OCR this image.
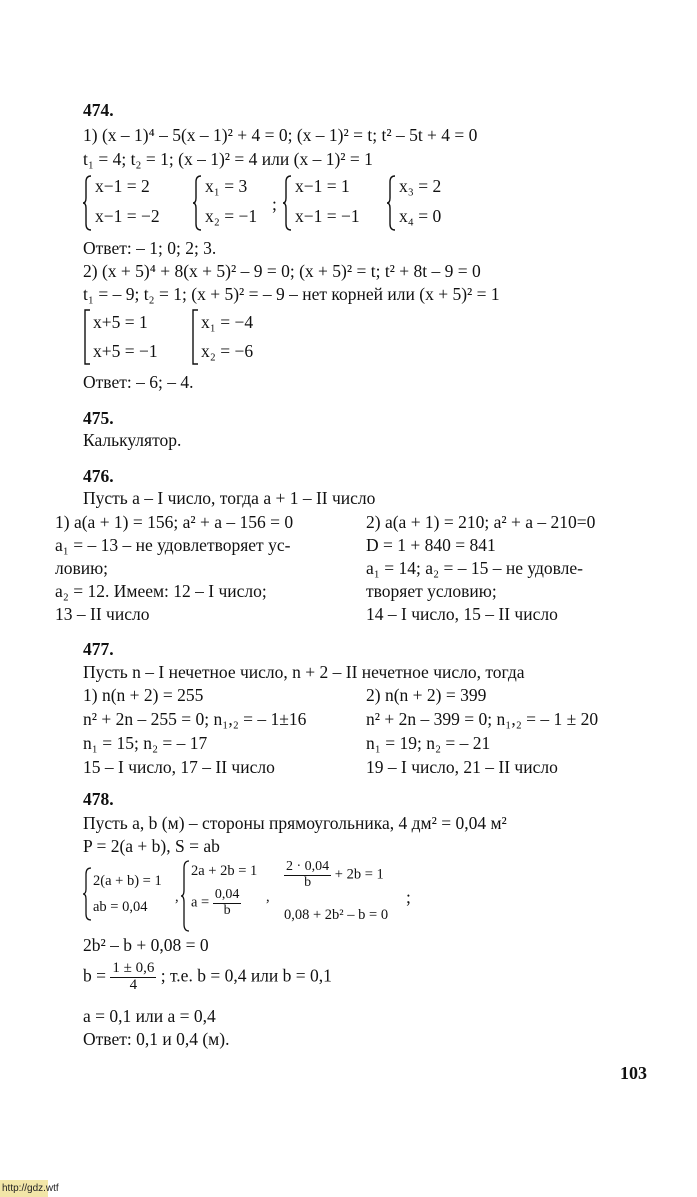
474.
1) (x – 1)⁴ – 5(x – 1)² + 4 = 0; (x – 1)² = t; t² – 5t + 4 = 0
t₁ = 4; t₂ = 1; (x – 1)² = 4 или (x – 1)² = 1
x−1 = 2
x−1 = −2
x₁ = 3
x₂ = −1
;
x−1 = 1
x−1 = −1
x₃ = 2
x₄ = 0
Ответ: – 1; 0; 2; 3.
2) (x + 5)⁴ + 8(x + 5)² – 9 = 0; (x + 5)² = t; t² + 8t – 9 = 0
t₁ = – 9; t₂ = 1; (x + 5)² = – 9 – нет корней или (x + 5)² = 1
x+5 = 1
x+5 = −1
x₁ = −4
x₂ = −6
Ответ: – 6; – 4.
475.
Калькулятор.
476.
Пусть a – I число, тогда a + 1 – II число
1) a(a + 1) = 156; a² + a – 156 = 0
a₁ = – 13 – не удовлетворяет ус-
ловию;
a₂ = 12. Имеем: 12 – I число;
13 – II число
2) a(a + 1) = 210; a² + a – 210=0
D = 1 + 840 = 841
a₁ = 14; a₂ = – 15 – не удовле-
творяет условию;
14 – I число, 15 – II число
477.
Пусть n – I нечетное число, n + 2 – II нечетное число, тогда
1) n(n + 2) = 255
n² + 2n – 255 = 0; n₁,₂ = – 1±16
n₁ = 15; n₂ = – 17
15 – I число, 17 – II число
2) n(n + 2) = 399
n² + 2n – 399 = 0; n₁,₂ = – 1 ± 20
n₁ = 19; n₂ = – 21
19 – I число, 21 – II число
478.
Пусть a, b (м) – стороны прямоугольника, 4 дм² = 0,04 м²
P = 2(a + b), S = ab
2(a + b) = 1
ab = 0,04
,
2a + 2b = 1
$a = \frac{0,04}{b}$ ,
$\frac{2 \cdot 0,04}{b} + 2b = 1$
0,08 + 2b² – b = 0
;
2b² – b + 0,08 = 0
$b = \frac{1 \pm 0,6}{4}$ ; т.е. b = 0,4 или b = 0,1
a = 0,1 или a = 0,4
Ответ: 0,1 и 0,4 (м).
103
http://gdz.wtf
